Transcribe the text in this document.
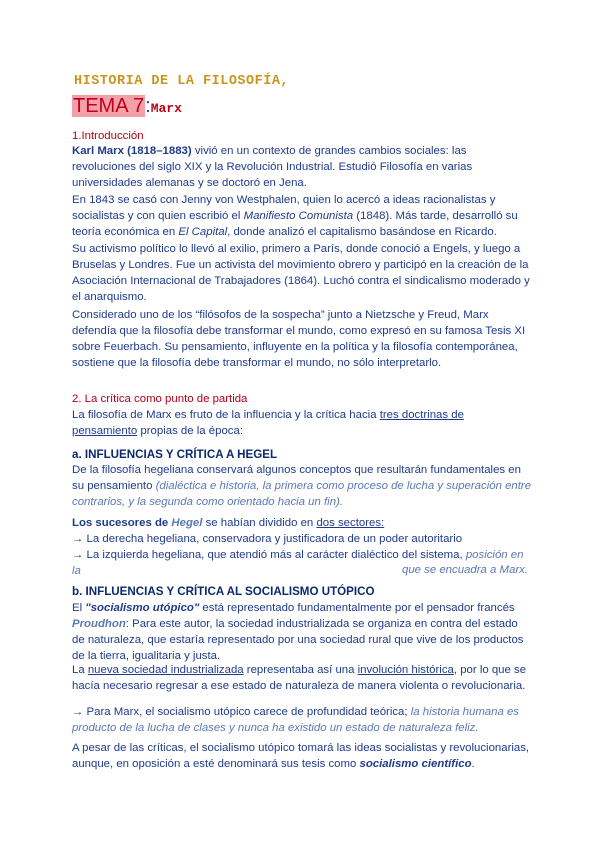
HISTORIA DE LA FILOSOFÍA,
TEMA 7:Marx
1.Introducción
Karl Marx (1818–1883) vivió en un contexto de grandes cambios sociales: las revoluciones del siglo XIX y la Revolución Industrial. Estudió Filosofía en varias universidades alemanas y se doctoró en Jena.
En 1843 se casó con Jenny von Westphalen, quien lo acercó a ideas racionalistas y socialistas y con quien escribió el Manifiesto Comunista (1848). Más tarde, desarrolló su teoría económica en El Capital, donde analizó el capitalismo basándose en Ricardo.
Su activismo político lo llevó al exilio, primero a París, donde conoció a Engels, y luego a Bruselas y Londres. Fue un activista del movimiento obrero y participó en la creación de la Asociación Internacional de Trabajadores (1864). Luchó contra el sindicalismo moderado y el anarquismo.
Considerado uno de los “filósofos de la sospecha” junto a Nietzsche y Freud, Marx defendía que la filosofía debe transformar el mundo, como expresó en su famosa Tesis XI sobre Feuerbach. Su pensamiento, influyente en la política y la filosofía contemporánea, sostiene que la filosofía debe transformar el mundo, no sólo interpretarlo.
2. La crítica como punto de partida
La filosofía de Marx es fruto de la influencia y la crítica hacia tres doctrinas de pensamiento propias de la época:
a. INFLUENCIAS Y CRÍTICA A HEGEL
De la filosofía hegeliana conservará algunos conceptos que resultarán fundamentales en su pensamiento (dialéctica e historia, la primera como proceso de lucha y superación entre contrarios, y la segunda como orientado hacia un fin).
Los sucesores de Hegel se habían dividido en dos sectores:
→ La derecha hegeliana, conservadora y justificadora de un poder autoritario
→ La izquierda hegeliana, que atendió más al carácter dialéctico del sistema, posición en la	que se encuadra a Marx.
b. INFLUENCIAS Y CRÍTICA AL SOCIALISMO UTÓPICO
El "socialismo utópico" está representado fundamentalmente por el pensador francés
Proudhon: Para este autor, la sociedad industrializada se organiza en contra del estado de naturaleza, que estaría representado por una sociedad rural que vive de los productos de la tierra, igualitaria y justa.
La nueva sociedad industrializada representaba así una involución histórica, por lo que se hacía necesario regresar a ese estado de naturaleza de manera violenta o revolucionaria.
→ Para Marx, el socialismo utópico carece de profundidad teórica; la historia humana es producto de la lucha de clases y nunca ha existido un estado de naturaleza feliz.
A pesar de las críticas, el socialismo utópico tomará las ideas socialistas y revolucionarias, aunque, en oposición a esté denominará sus tesis como socialismo científico.
